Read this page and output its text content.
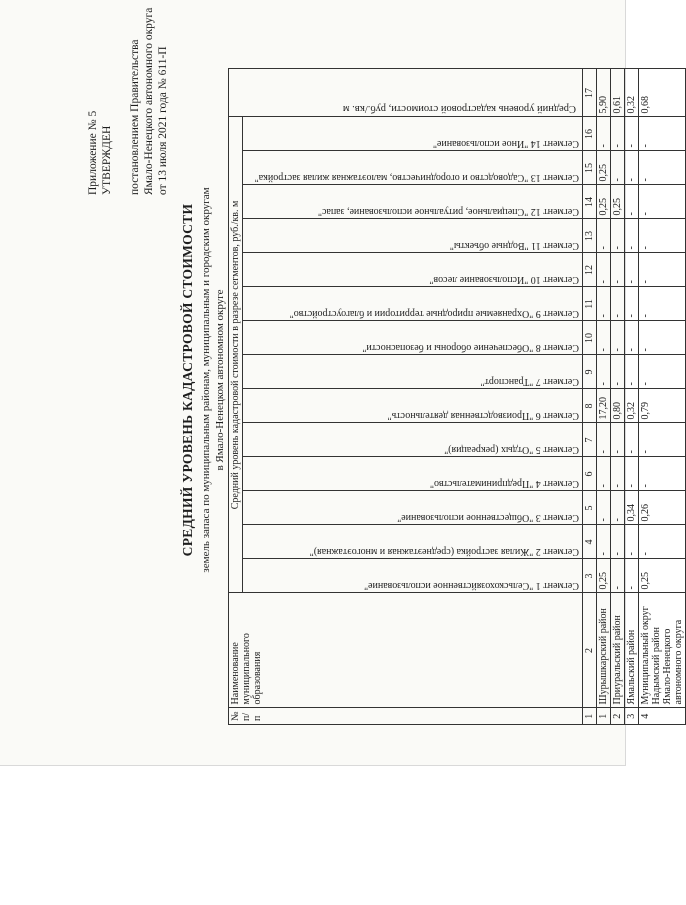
Приложение № 5 УТВЕРЖДЕН постановлением Правительства Ямало-Ненецкого автономного округа от 13 июля 2021 года № 611-П
СРЕДНИЙ УРОВЕНЬ КАДАСТРОВОЙ СТОИМОСТИ земель запаса по муниципальным районам, муниципальным и городским округам в Ямало-Ненецком автономном округе
№ п/п	Наименование муниципального образования	Средний уровень кадастровой стоимости в разрезе сегментов, руб./кв. м														Средний уровень кадастровой стоимости, руб./кв. м

		Сегмент 1 "Сельскохозяйственное использование"	Сегмент 2 "Жилая застройка (среднеэтажная и многоэтажная)"	Сегмент 3 "Общественное использование"	Сегмент 4 "Предпринимательство"	Сегмент 5 "Отдых (рекреация)"	Сегмент 6 "Производственная деятельность"	Сегмент 7 "Транспорт"	Сегмент 8 "Обеспечение обороны и безопасности"	Сегмент 9 "Охраняемые природные территории и благоустройство"	Сегмент 10 "Использование лесов"	Сегмент 11 "Водные объекты"	Сегмент 12 "Специальное, ритуальное использование, запас"	Сегмент 13 "Садоводство и огородничество, малоэтажная жилая застройка"	Сегмент 14 "Иное использование"	

1	2	3	4	5	6	7	8	9	10	11	12	13	14	15	16	17
1	Шурышкарский район	0,25	-	-	-	-	17,20	-	-	-	-	-	0,25	0,25	-	5,90
2	Приуральский район	-	-	-	-	-	0,80	-	-	-	-	-	0,25	-	-	0,61
3	Ямальский район	-	-	0,34	-	-	0,32	-	-	-	-	-	-	-	-	0,32
4	Муниципальный округ Надымский район Ямало-Ненецкого автономного округа	0,25	-	0,26	-	-	0,79	-	-	-	-	-	-	-	-	0,68
